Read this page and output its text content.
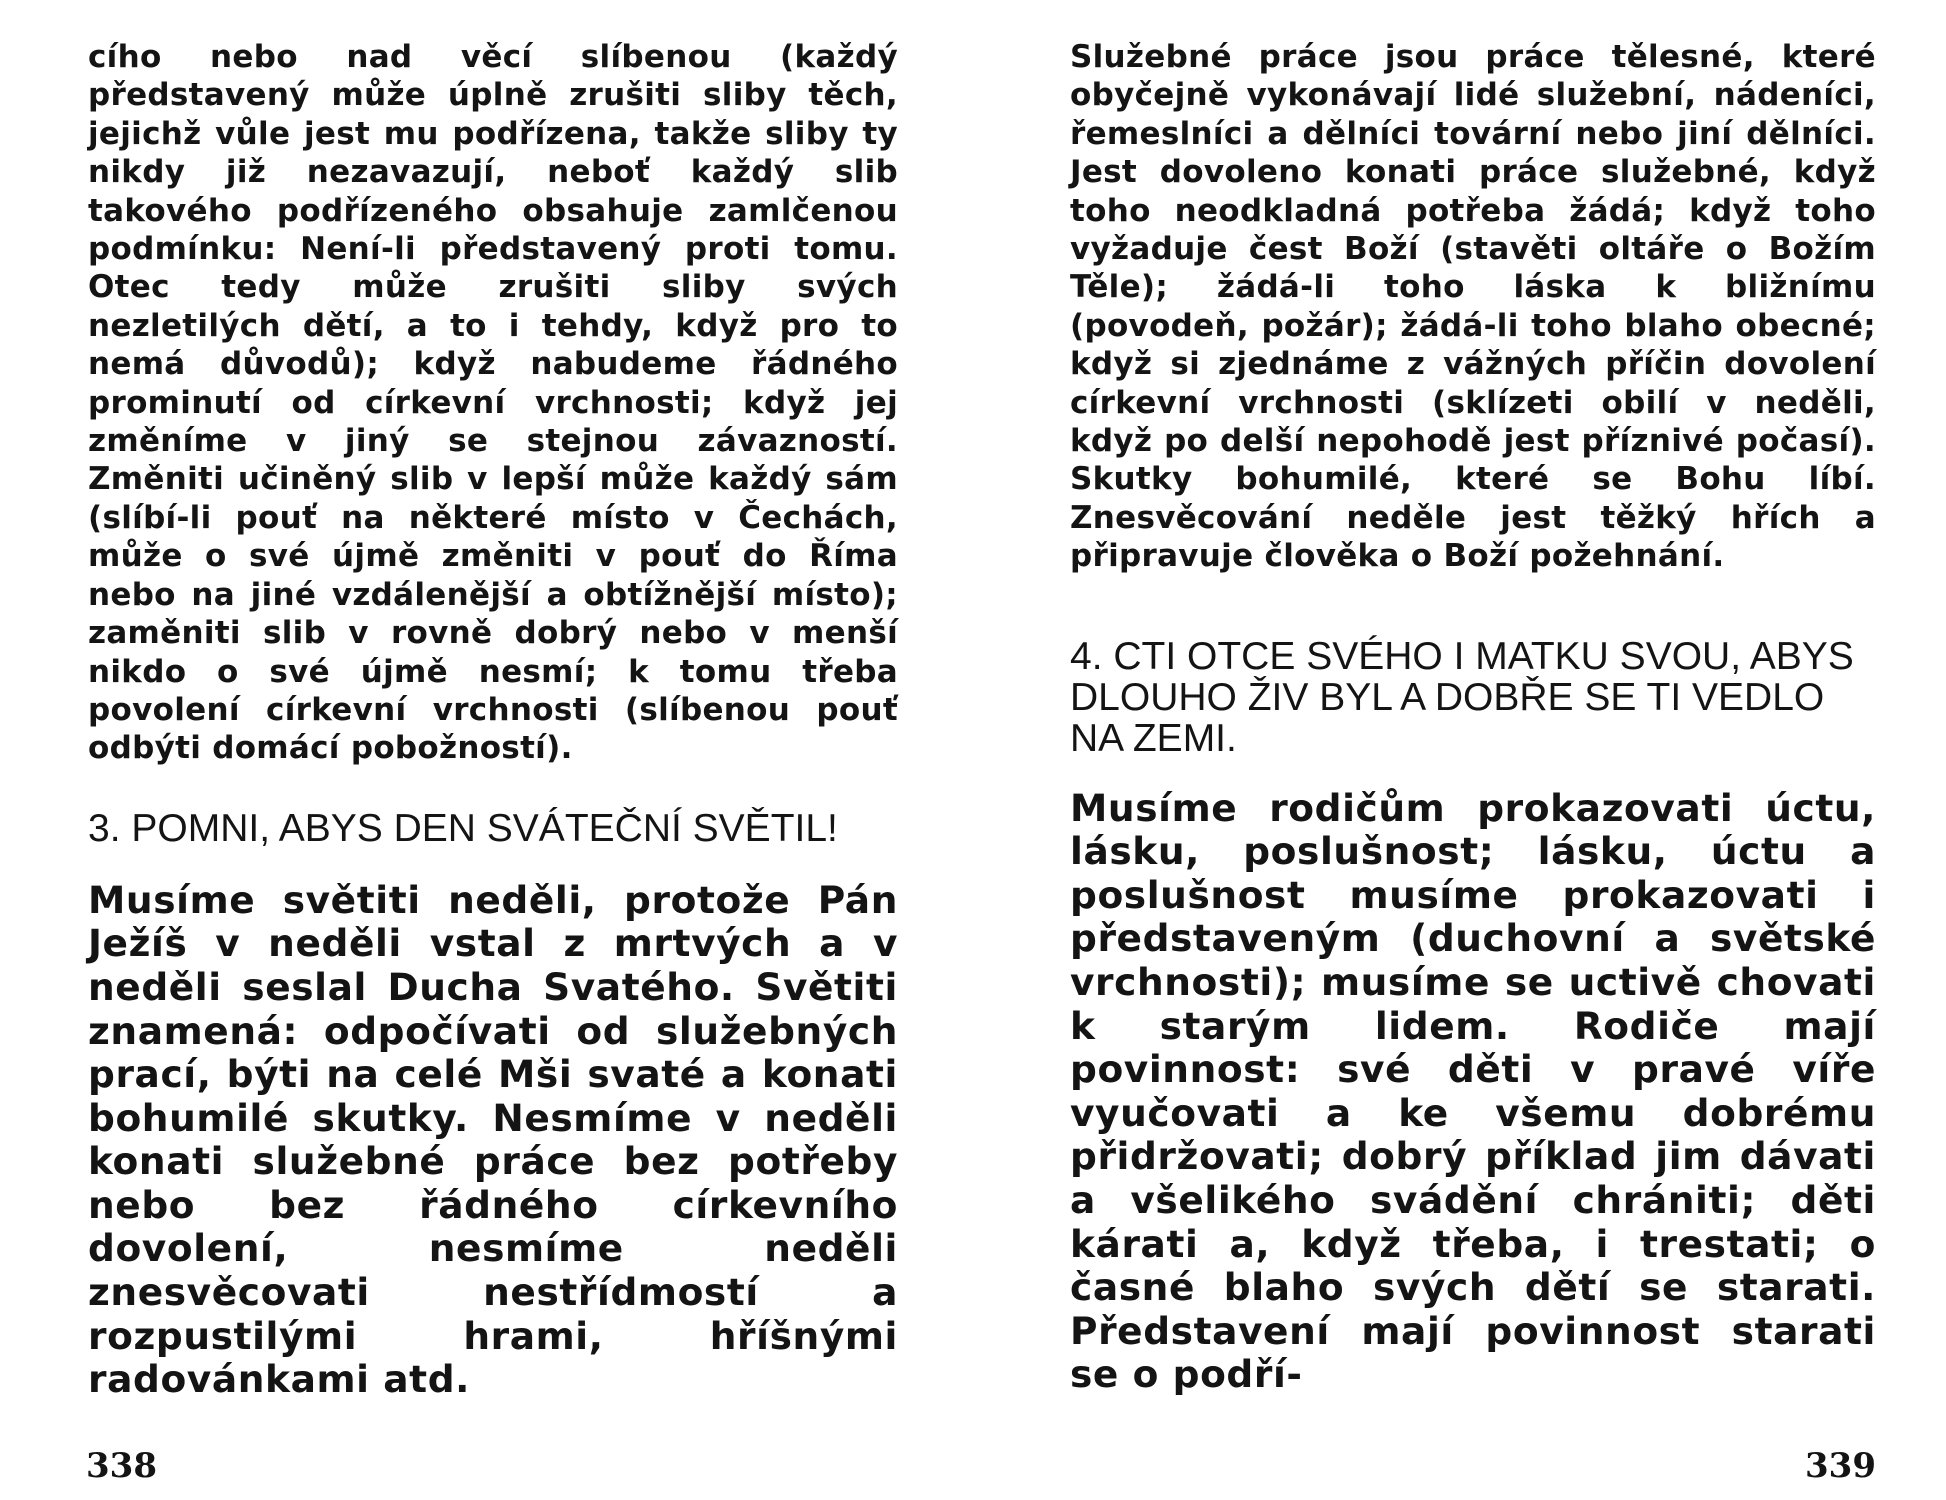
cího nebo nad věcí slíbenou (každý představený může úplně zrušiti sliby těch, jejichž vůle jest mu podřízena, takže sliby ty nikdy již nezavazují, neboť každý slib takového podřízeného obsahuje zamlčenou podmínku: Není-li představený proti tomu. Otec tedy může zrušiti sliby svých nezletilých dětí, a to i tehdy, když pro to nemá důvodů); když nabudeme řádného prominutí od církevní vrchnosti; když jej změníme v jiný se stejnou závazností. Změniti učiněný slib v lepší může každý sám (slíbí-li pouť na některé místo v Čechách, může o své újmě změniti v pouť do Říma nebo na jiné vzdálenější a obtížnější místo); zaměniti slib v rovně dobrý nebo v menší nikdo o své újmě nesmí; k tomu třeba povolení církevní vrchnosti (slíbenou pouť odbýti domácí pobožností).

3. POMNI, ABYS DEN SVÁTEČNÍ SVĚTIL!

Musíme světiti neděli, protože Pán Ježíš v neděli vstal z mrtvých a v neděli seslal Ducha Svatého. Světiti znamená: odpočívati od služebných prací, býti na celé Mši svaté a konati bohumilé skutky. Nesmíme v neděli konati služebné práce bez potřeby nebo bez řádného církevního dovolení, nesmíme neděli znesvěcovati nestřídmostí a rozpustilými hrami, hříšnými radovánkami atd.

338

Služebné práce jsou práce tělesné, které obyčejně vykonávají lidé služební, nádeníci, řemeslníci a dělníci tovární nebo jiní dělníci. Jest dovoleno konati práce služebné, když toho neodkladná potřeba žádá; když toho vyžaduje čest Boží (stavěti oltáře o Božím Těle); žádá-li toho láska k bližnímu (povodeň, požár); žádá-li toho blaho obecné; když si zjednáme z vážných příčin dovolení církevní vrchnosti (sklízeti obilí v neděli, když po delší nepohodě jest příznivé počasí). Skutky bohumilé, které se Bohu líbí. Znesvěcování neděle jest těžký hřích a připravuje člověka o Boží požehnání.

4. CTI OTCE SVÉHO I MATKU SVOU, ABYS DLOUHO ŽIV BYL A DOBŘE SE TI VEDLO NA ZEMI.

Musíme rodičům prokazovati úctu, lásku, poslušnost; lásku, úctu a poslušnost musíme prokazovati i představeným (duchovní a světské vrchnosti); musíme se uctivě chovati k starým lidem. Rodiče mají povinnost: své děti v pravé víře vyučovati a ke všemu dobrému přidržovati; dobrý příklad jim dávati a všelikého svádění chrániti; děti kárati a, když třeba, i trestati; o časné blaho svých dětí se starati. Představení mají povinnost starati se o podří-

339
